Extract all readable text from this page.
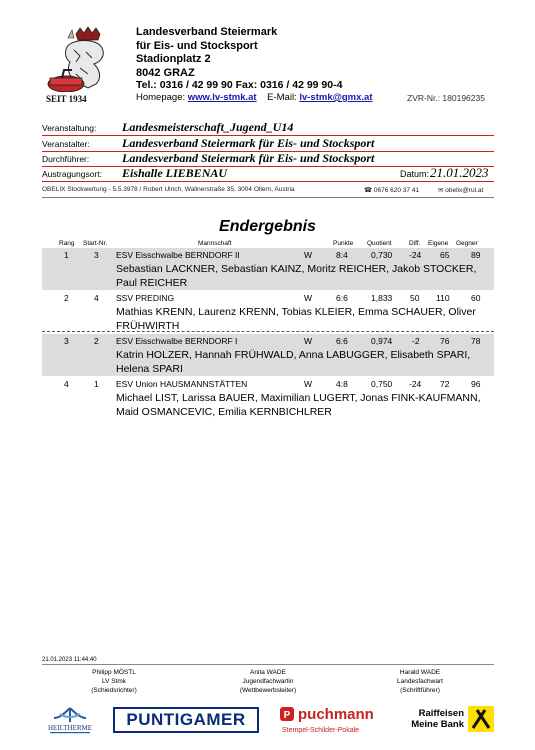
SEIT 1934
Landesverband Steiermark
für Eis- und Stocksport
Stadionplatz 2
8042 GRAZ
Tel.: 0316 / 42 99 90 Fax: 0316 / 42 99 90-4
Homepage: www.lv-stmk.at E-Mail: lv-stmk@gmx.at	ZVR-Nr.: 180196235
Veranstaltung: Landesmeisterschaft_Jugend_U14
Veranstalter:	Landesverband Steiermark für Eis- und Stocksport
Durchführer:	Landesverband Steiermark für Eis- und Stocksport
Austragungsort: Eishalle LIEBENAU	Datum: 21.01.2023
OBELIX Stockwertung - 5.5.3978 / Robert Ulrich, Wallnerstraße 35, 3004 Ollern, Austria	☎ 0676 620 37 41	✉ obelix@rul.at
Endergebnis
Rang Start-Nr.	Mannschaft	Punkte Quotient	Diff. Eigene Gegner
1	3 ESV Eisschwalbe BERNDORF II	W	8:4	0,730 -24 65	89
Sebastian LACKNER, Sebastian KAINZ, Moritz REICHER, Jakob STOCKER, Paul REICHER
2	4 SSV PREDING	W	6:6	1,833 50 110	60
Mathias KRENN, Laurenz KRENN, Tobias KLEIER, Emma SCHAUER, Oliver FRÜHWIRTH
3	2 ESV Eisschwalbe BERNDORF I	W	6:6	0,974 -2 76	78
Katrin HOLZER, Hannah FRÜHWALD, Anna LABUGGER, Elisabeth SPARI, Helena SPARI
4	1 ESV Union HAUSMANNSTÄTTEN	W	4:8	0,750 -24 72	96
Michael LIST, Larissa BAUER, Maximilian LUGERT, Jonas FINK-KAUFMANN, Maid OSMANCEVIC, Emilia KERNBICHLRER
21.01.2023 11:44:40
Philipp MÖSTL
LV Stmk
(Schiedsrichter)
Anita WADE
Jugendfachwartin
(Wettbewerbsleiter)
Harald WADE
Landesfachwart
(Schriftführer)
HEILTHERME	PUNTIGAMER	P puchmann
Stempel-Schilder-Pokale
Raiffeisen
Meine Bank
